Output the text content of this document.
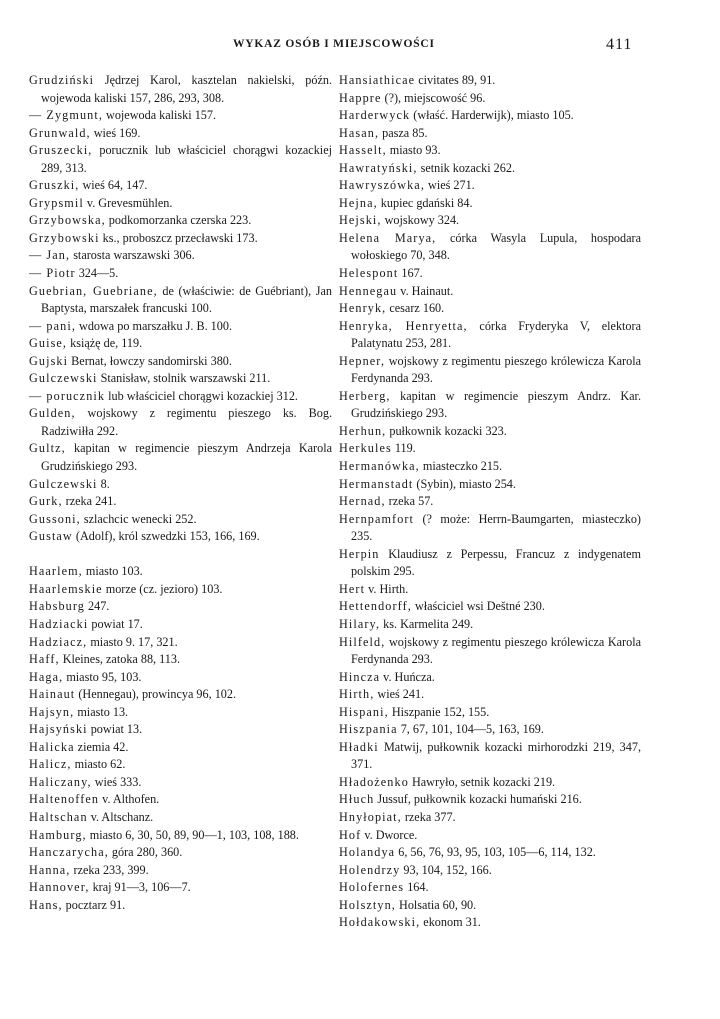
WYKAZ OSÓB I MIEJSCOWOŚCI	411
Grudziński Jędrzej Karol, kasztelan nakielski, późn. wojewoda kaliski 157, 286, 293, 308.
— Zygmunt, wojewoda kaliski 157.
Grunwald, wieś 169.
Gruszecki, porucznik lub właściciel chorągwi kozackiej 289, 313.
Gruszki, wieś 64, 147.
Grypsmil v. Grevesmühlen.
Grzybowska, podkomorzanka czerska 223.
Grzybowski ks., proboszcz przecławski 173.
— Jan, starosta warszawski 306.
— Piotr 324—5.
Guebrian, Guebriane, de (właściwie: de Guébriant), Jan Baptysta, marszałek francuski 100.
— pani, wdowa po marszałku J. B. 100.
Guise, książę de, 119.
Gujski Bernat, łowczy sandomirski 380.
Gulczewski Stanisław, stolnik warszawski 211.
— porucznik lub właściciel chorągwi kozackiej 312.
Gulden, wojskowy z regimentu pieszego ks. Bog. Radziwiłła 292.
Gultz, kapitan w regimencie pieszym Andrzeja Karola Grudzińskiego 293.
Gulczewski 8.
Gurk, rzeka 241.
Gussoni, szlachcic wenecki 252.
Gustaw (Adolf), król szwedzki 153, 166, 169.
Haarlem, miasto 103.
Haarlemskie morze (cz. jezioro) 103.
Habsburg 247.
Hadziacki powiat 17.
Hadziacz, miasto 9. 17, 321.
Haff, Kleines, zatoka 88, 113.
Haga, miasto 95, 103.
Hainaut (Hennegau), prowincya 96, 102.
Hajsyn, miasto 13.
Hajsyński powiat 13.
Halicka ziemia 42.
Halicz, miasto 62.
Haliczany, wieś 333.
Haltenoffen v. Althofen.
Haltschan v. Altschanz.
Hamburg, miasto 6, 30, 50, 89, 90—1, 103, 108, 188.
Hanczarycha, góra 280, 360.
Hanna, rzeka 233, 399.
Hannover, kraj 91—3, 106—7.
Hans, pocztarz 91.
Hansiathicae civitates 89, 91.
Happre (?), miejscowość 96.
Harderwyck (właść. Harderwijk), miasto 105.
Hasan, pasza 85.
Hasselt, miasto 93.
Hawratyński, setnik kozacki 262.
Hawryszówka, wieś 271.
Hejna, kupiec gdański 84.
Hejski, wojskowy 324.
Helena Marya, córka Wasyla Lupula, hospodara wołoskiego 70, 348.
Helespont 167.
Hennegau v. Hainaut.
Henryk, cesarz 160.
Henryka, Henryetta, córka Fryderyka V, elektora Palatynatu 253, 281.
Hepner, wojskowy z regimentu pieszego królewicza Karola Ferdynanda 293.
Herberg, kapitan w regimencie pieszym Andrz. Kar. Grudzińskiego 293.
Herhun, pułkownik kozacki 323.
Herkules 119.
Hermanówka, miasteczko 215.
Hermanstadt (Sybin), miasto 254.
Hernad, rzeka 57.
Hernpamfort (? może: Herrn-Baumgarten, miasteczko) 235.
Herpin Klaudiusz z Perpessu, Francuz z indygenatem polskim 295.
Hert v. Hirth.
Hettendorff, właściciel wsi Deštné 230.
Hilary, ks. Karmelita 249.
Hilfeld, wojskowy z regimentu pieszego królewicza Karola Ferdynanda 293.
Hincza v. Huńcza.
Hirth, wieś 241.
Hispani, Hiszpanie 152, 155.
Hiszpania 7, 67, 101, 104—5, 163, 169.
Hładki Matwij, pułkownik kozacki mirhorodzki 219, 347, 371.
Hładożenko Hawryło, setnik kozacki 219.
Hłuch Jussuf, pułkownik kozacki humański 216.
Hnyłopiat, rzeka 377.
Hof v. Dworce.
Holandya 6, 56, 76, 93, 95, 103, 105—6, 114, 132.
Holendrzy 93, 104, 152, 166.
Holofernes 164.
Holsztyn, Holsatia 60, 90.
Hołdakowski, ekonom 31.
